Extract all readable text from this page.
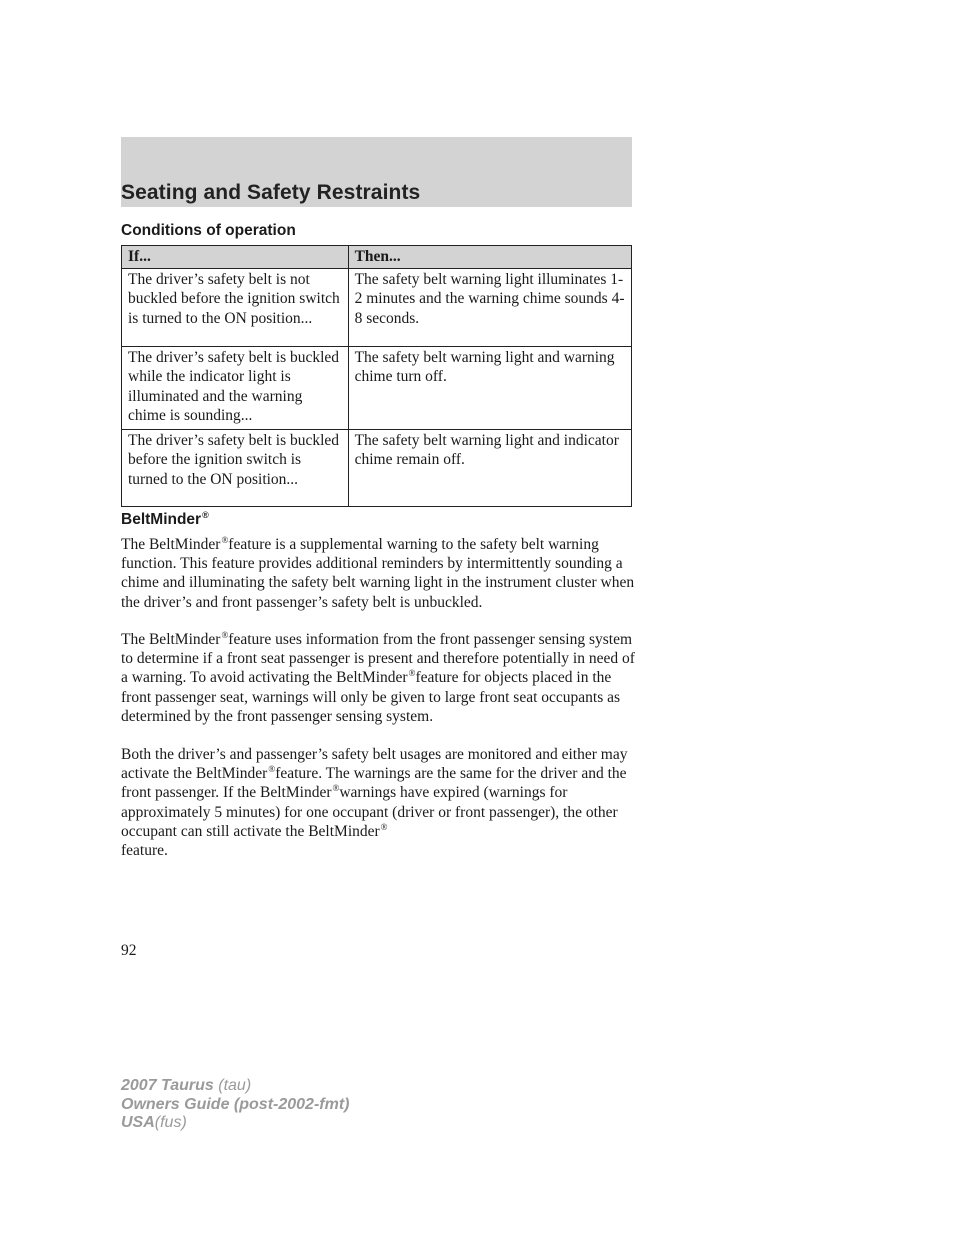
Seating and Safety Restraints
Conditions of operation
If...	Then...
The driver’s safety belt is not buckled before the ignition switch is turned to the ON position...	The safety belt warning light illuminates 1-2 minutes and the warning chime sounds 4-8 seconds.
The driver’s safety belt is buckled while the indicator light is illuminated and the warning chime is sounding...	The safety belt warning light and warning chime turn off.
The driver’s safety belt is buckled before the ignition switch is turned to the ON position...	The safety belt warning light and indicator chime remain off.
BeltMinder®
The BeltMinder®feature is a supplemental warning to the safety belt warning function. This feature provides additional reminders by intermittently sounding a chime and illuminating the safety belt warning light in the instrument cluster when the driver’s and front passenger’s safety belt is unbuckled.
The BeltMinder®feature uses information from the front passenger sensing system to determine if a front seat passenger is present and therefore potentially in need of a warning. To avoid activating the BeltMinder®feature for objects placed in the front passenger seat, warnings will only be given to large front seat occupants as determined by the front passenger sensing system.
Both the driver’s and passenger’s safety belt usages are monitored and either may activate the BeltMinder®feature. The warnings are the same for the driver and the front passenger. If the BeltMinder®warnings have expired (warnings for approximately 5 minutes) for one occupant (driver or front passenger), the other occupant can still activate the BeltMinder®
feature.
92
2007 Taurus (tau)
Owners Guide (post-2002-fmt)
USA(fus)
